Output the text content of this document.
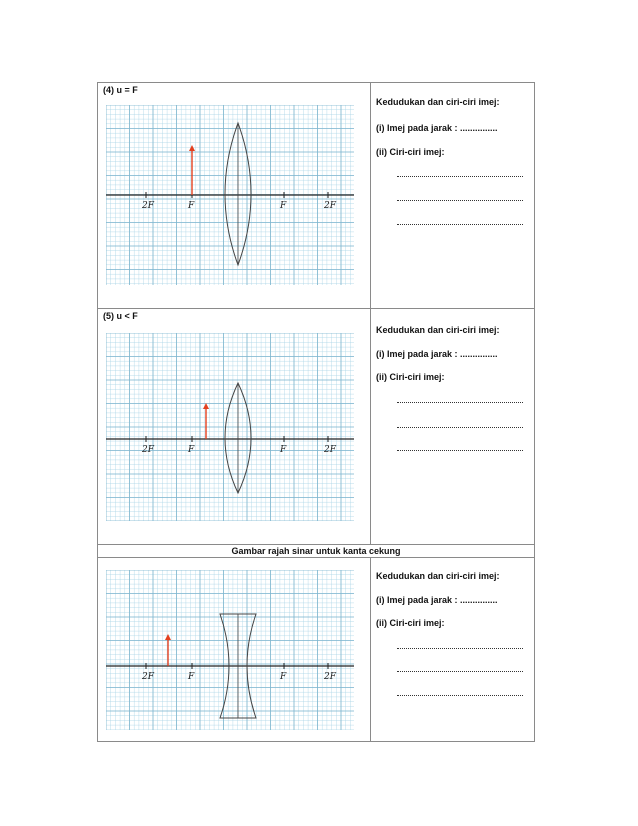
(4) u = F
2F	F	F	2F
Kedudukan dan ciri-ciri imej:
(i) Imej pada jarak : ...............
(ii) Ciri-ciri imej:
(5) u < F
2F	F	F	2F
Kedudukan dan ciri-ciri imej:
(i) Imej pada jarak : ...............
(ii) Ciri-ciri imej:
Gambar rajah sinar untuk kanta cekung
2F	F	F	2F
Kedudukan dan ciri-ciri imej:
(i) Imej pada jarak : ...............
(ii) Ciri-ciri imej:
